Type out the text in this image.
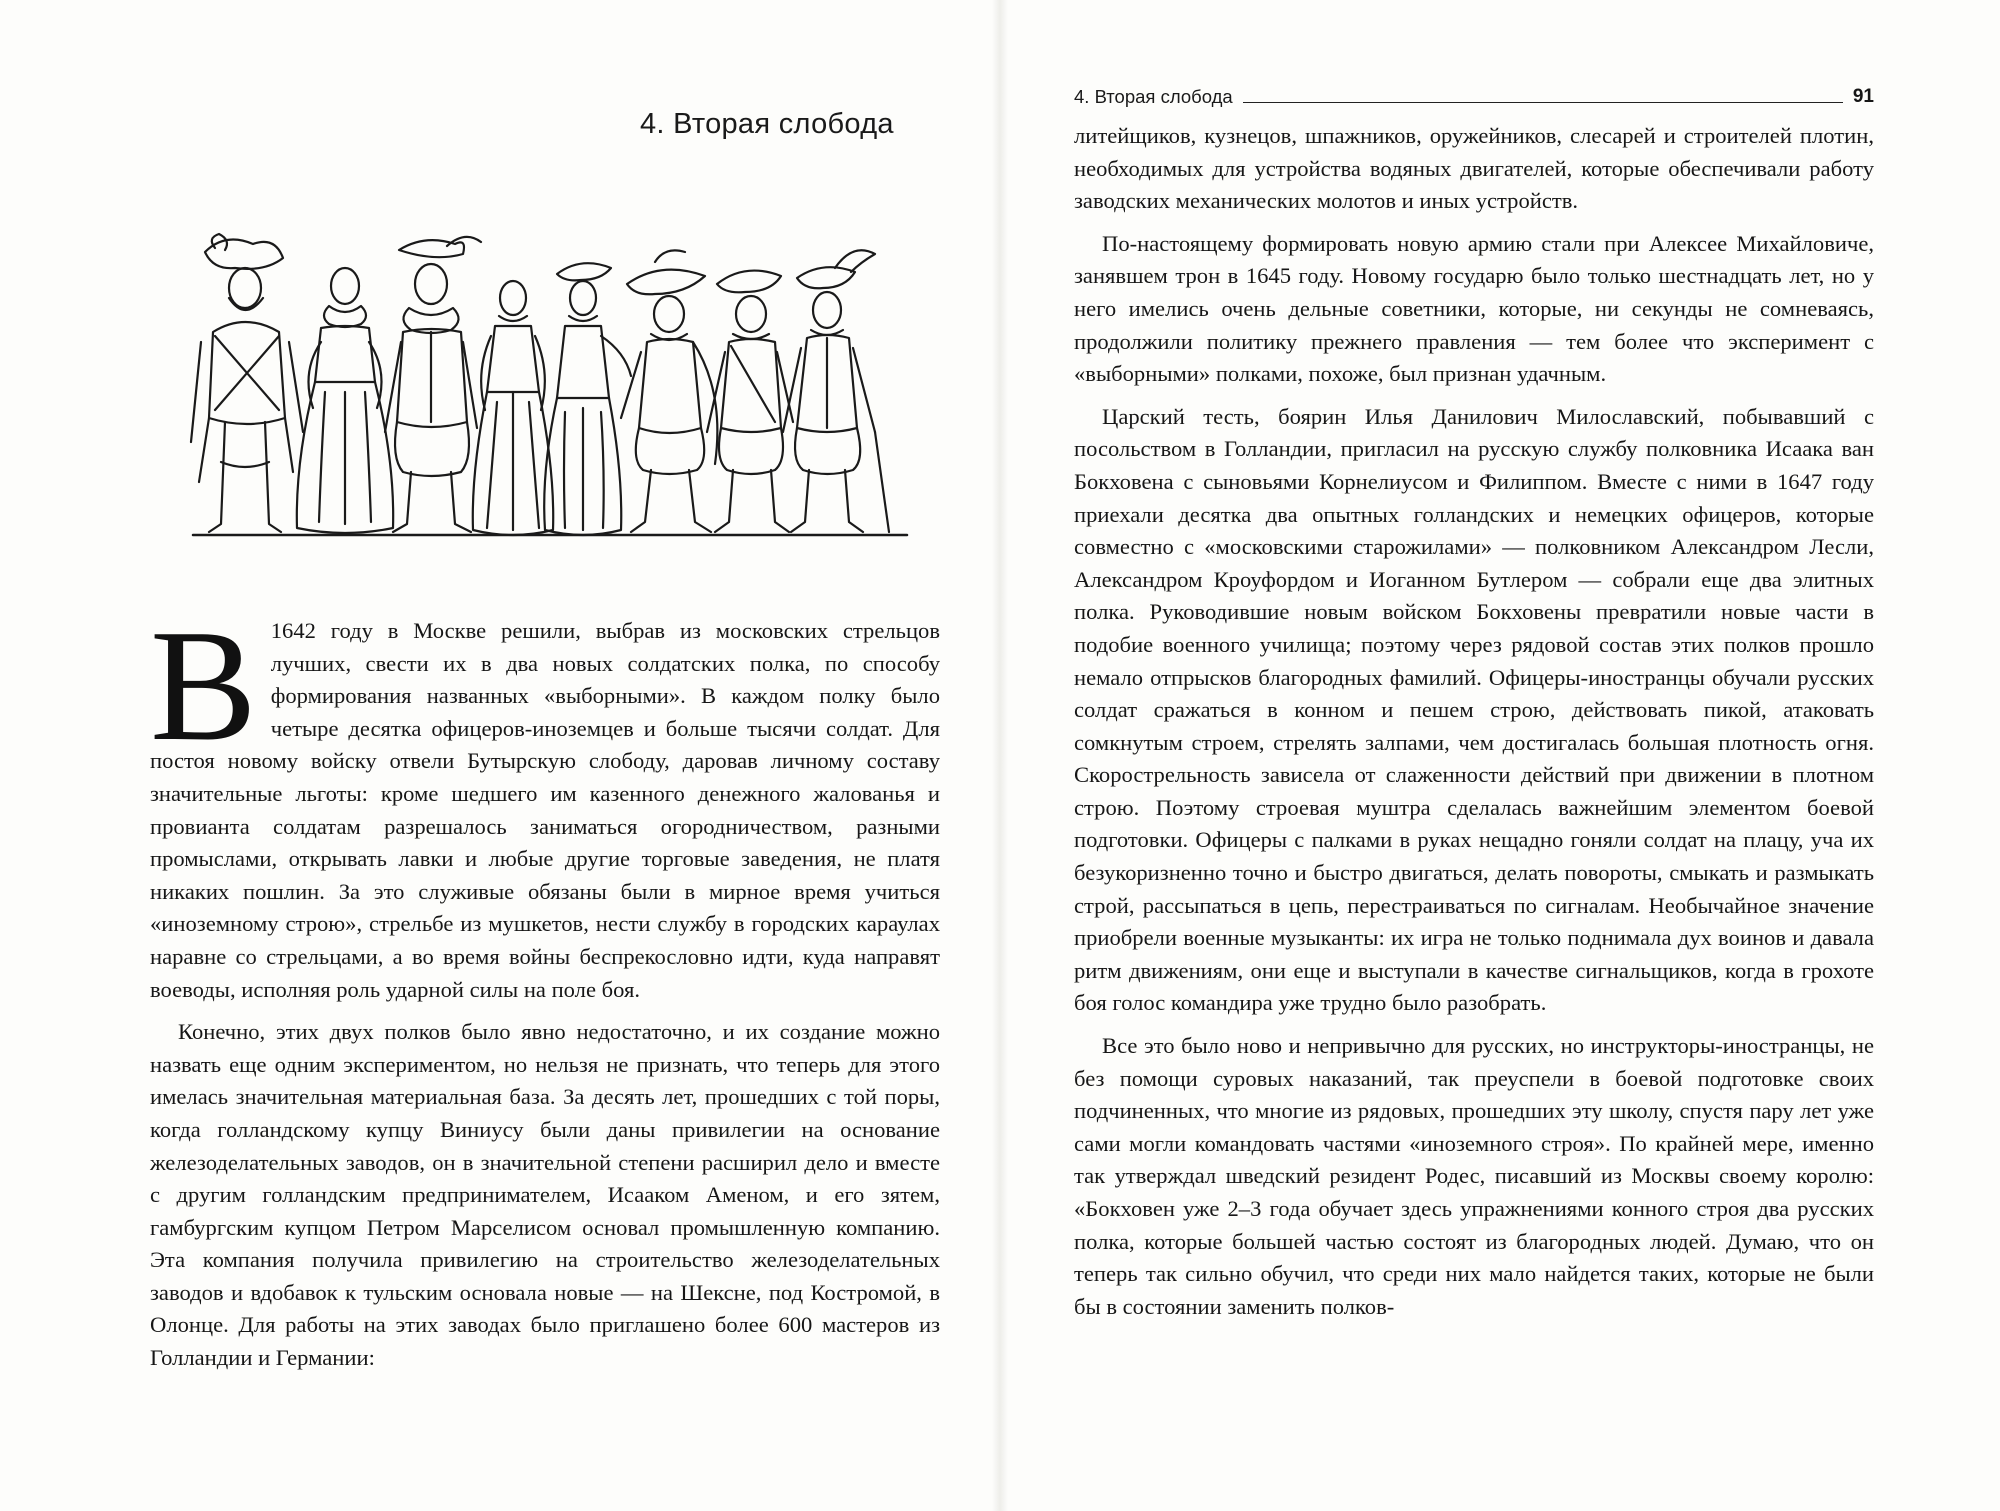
4. Вторая слобода

В 1642 году в Москве решили, выбрав из московских стрельцов лучших, свести их в два новых солдатских полка, по способу формирования названных «выборными». В каждом полку было четыре десятка офицеров-иноземцев и больше тысячи солдат. Для постоя новому войску отвели Бутырскую слободу, даровав личному составу значительные льготы: кроме шедшего им казенного денежного жалованья и провианта солдатам разрешалось заниматься огородничеством, разными промыслами, открывать лавки и любые другие торговые заведения, не платя никаких пошлин. За это служивые обязаны были в мирное время учиться «иноземному строю», стрельбе из мушкетов, нести службу в городских караулах наравне со стрельцами, а во время войны беспрекословно идти, куда направят воеводы, исполняя роль ударной силы на поле боя.

Конечно, этих двух полков было явно недостаточно, и их создание можно назвать еще одним экспериментом, но нельзя не признать, что теперь для этого имелась значительная материальная база. За десять лет, прошедших с той поры, когда голландскому купцу Виниусу были даны привилегии на основание железоделательных заводов, он в значительной степени расширил дело и вместе с другим голландским предпринимателем, Исааком Аменом, и его зятем, гамбургским купцом Петром Марселисом основал промышленную компанию. Эта компания получила привилегию на строительство железоделательных заводов и вдобавок к тульским основала новые — на Шексне, под Костромой, в Олонце. Для работы на этих заводах было приглашено более 600 мастеров из Голландии и Германии:

4. Вторая слобода	91

литейщиков, кузнецов, шпажников, оружейников, слесарей и строителей плотин, необходимых для устройства водяных двигателей, которые обеспечивали работу заводских механических молотов и иных устройств.

По-настоящему формировать новую армию стали при Алексее Михайловиче, занявшем трон в 1645 году. Новому государю было только шестнадцать лет, но у него имелись очень дельные советники, которые, ни секунды не сомневаясь, продолжили политику прежнего правления — тем более что эксперимент с «выборными» полками, похоже, был признан удачным.

Царский тесть, боярин Илья Данилович Милославский, побывавший с посольством в Голландии, пригласил на русскую службу полковника Исаака ван Бокховена с сыновьями Корнелиусом и Филиппом. Вместе с ними в 1647 году приехали десятка два опытных голландских и немецких офицеров, которые совместно с «московскими старожилами» — полковником Александром Лесли, Александром Кроуфордом и Иоганном Бутлером — собрали еще два элитных полка. Руководившие новым войском Бокховены превратили новые части в подобие военного училища; поэтому через рядовой состав этих полков прошло немало отпрысков благородных фамилий. Офицеры-иностранцы обучали русских солдат сражаться в конном и пешем строю, действовать пикой, атаковать сомкнутым строем, стрелять залпами, чем достигалась большая плотность огня. Скорострельность зависела от слаженности действий при движении в плотном строю. Поэтому строевая муштра сделалась важнейшим элементом боевой подготовки. Офицеры с палками в руках нещадно гоняли солдат на плацу, уча их безукоризненно точно и быстро двигаться, делать повороты, смыкать и размыкать строй, рассыпаться в цепь, перестраиваться по сигналам. Необычайное значение приобрели военные музыканты: их игра не только поднимала дух воинов и давала ритм движениям, они еще и выступали в качестве сигнальщиков, когда в грохоте боя голос командира уже трудно было разобрать.

Все это было ново и непривычно для русских, но инструкторы-иностранцы, не без помощи суровых наказаний, так преуспели в боевой подготовке своих подчиненных, что многие из рядовых, прошедших эту школу, спустя пару лет уже сами могли командовать частями «иноземного строя». По крайней мере, именно так утверждал шведский резидент Родес, писавший из Москвы своему королю: «Бокховен уже 2–3 года обучает здесь упражнениями конного строя два русских полка, которые большей частью состоят из благородных людей. Думаю, что он теперь так сильно обучил, что среди них мало найдется таких, которые не были бы в состоянии заменить полков-
